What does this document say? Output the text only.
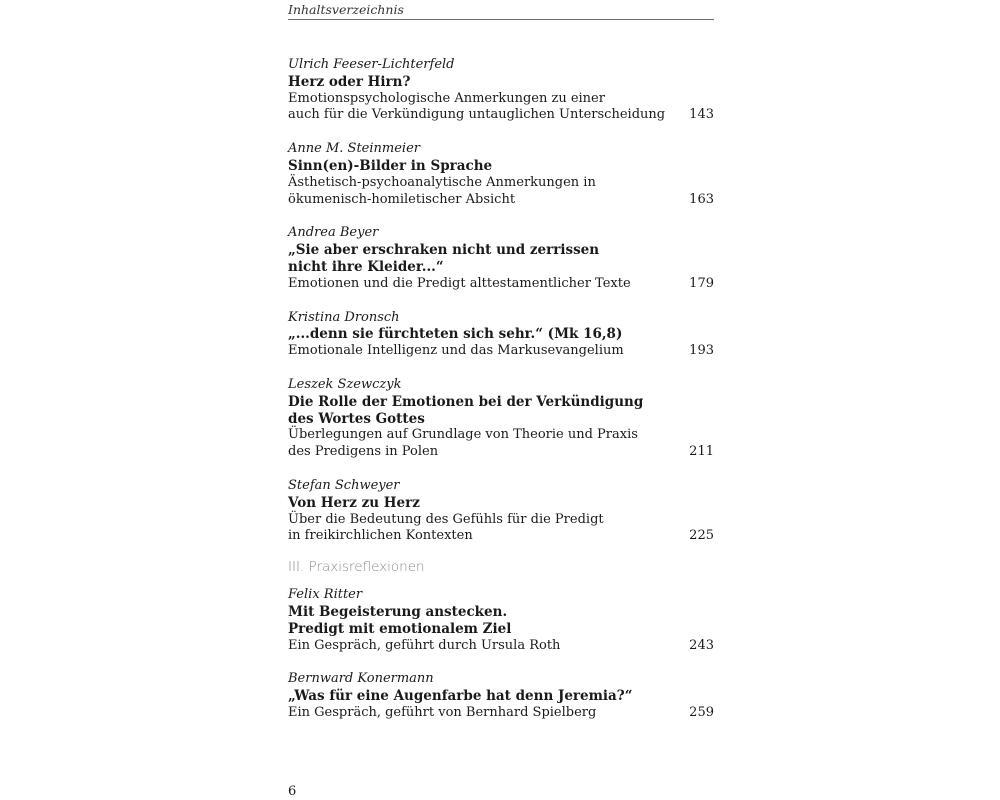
Inhaltsverzeichnis
Ulrich Feeser-Lichterfeld
Herz oder Hirn?
Emotionspsychologische Anmerkungen zu einer
auch für die Verkündigung untauglichen Unterscheidung	143
Anne M. Steinmeier
Sinn(en)-Bilder in Sprache
Ästhetisch-psychoanalytische Anmerkungen in
ökumenisch-homiletischer Absicht	163
Andrea Beyer
„Sie aber erschraken nicht und zerrissen
nicht ihre Kleider...“
Emotionen und die Predigt alttestamentlicher Texte	179
Kristina Dronsch
„...denn sie fürchteten sich sehr.“ (Mk 16,8)
Emotionale Intelligenz und das Markusevangelium	193
Leszek Szewczyk
Die Rolle der Emotionen bei der Verkündigung
des Wortes Gottes
Überlegungen auf Grundlage von Theorie und Praxis
des Predigens in Polen	211
Stefan Schweyer
Von Herz zu Herz
Über die Bedeutung des Gefühls für die Predigt
in freikirchlichen Kontexten	225
III. Praxisreflexionen
Felix Ritter
Mit Begeisterung anstecken.
Predigt mit emotionalem Ziel
Ein Gespräch, geführt durch Ursula Roth	243
Bernward Konermann
„Was für eine Augenfarbe hat denn Jeremia?“
Ein Gespräch, geführt von Bernhard Spielberg	259
6
